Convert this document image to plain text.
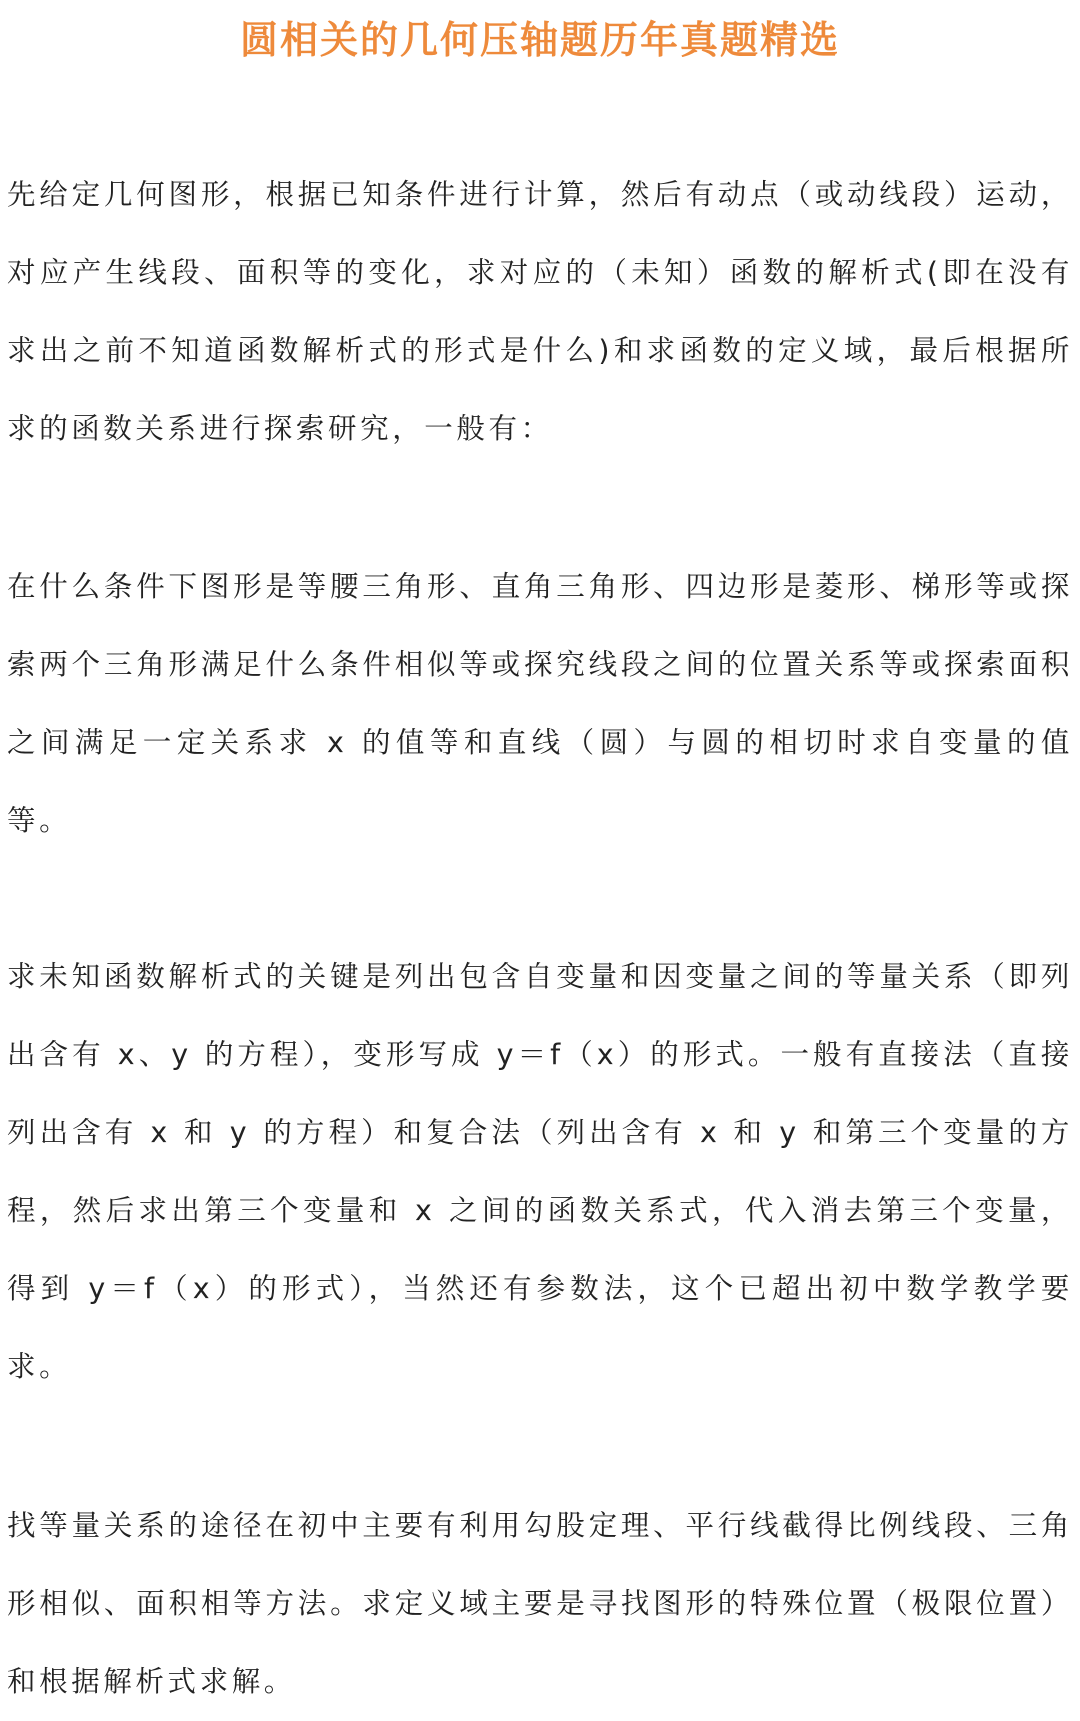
圆相关的几何压轴题历年真题精选

先给定几何图形，根据已知条件进行计算，然后有动点（或动线段）运动，对应产生线段、面积等的变化，求对应的（未知）函数的解析式(即在没有求出之前不知道函数解析式的形式是什么)和求函数的定义域，最后根据所求的函数关系进行探索研究，一般有：

在什么条件下图形是等腰三角形、直角三角形、四边形是菱形、梯形等或探索两个三角形满足什么条件相似等或探究线段之间的位置关系等或探索面积之间满足一定关系求 x 的值等和直线（圆）与圆的相切时求自变量的值等。

求未知函数解析式的关键是列出包含自变量和因变量之间的等量关系（即列出含有 x、y 的方程），变形写成 y＝f（x）的形式。一般有直接法（直接列出含有 x 和 y 的方程）和复合法（列出含有 x 和 y 和第三个变量的方程，然后求出第三个变量和 x 之间的函数关系式，代入消去第三个变量，得到 y＝f（x）的形式），当然还有参数法，这个已超出初中数学教学要求。

找等量关系的途径在初中主要有利用勾股定理、平行线截得比例线段、三角形相似、面积相等方法。求定义域主要是寻找图形的特殊位置（极限位置）和根据解析式求解。
